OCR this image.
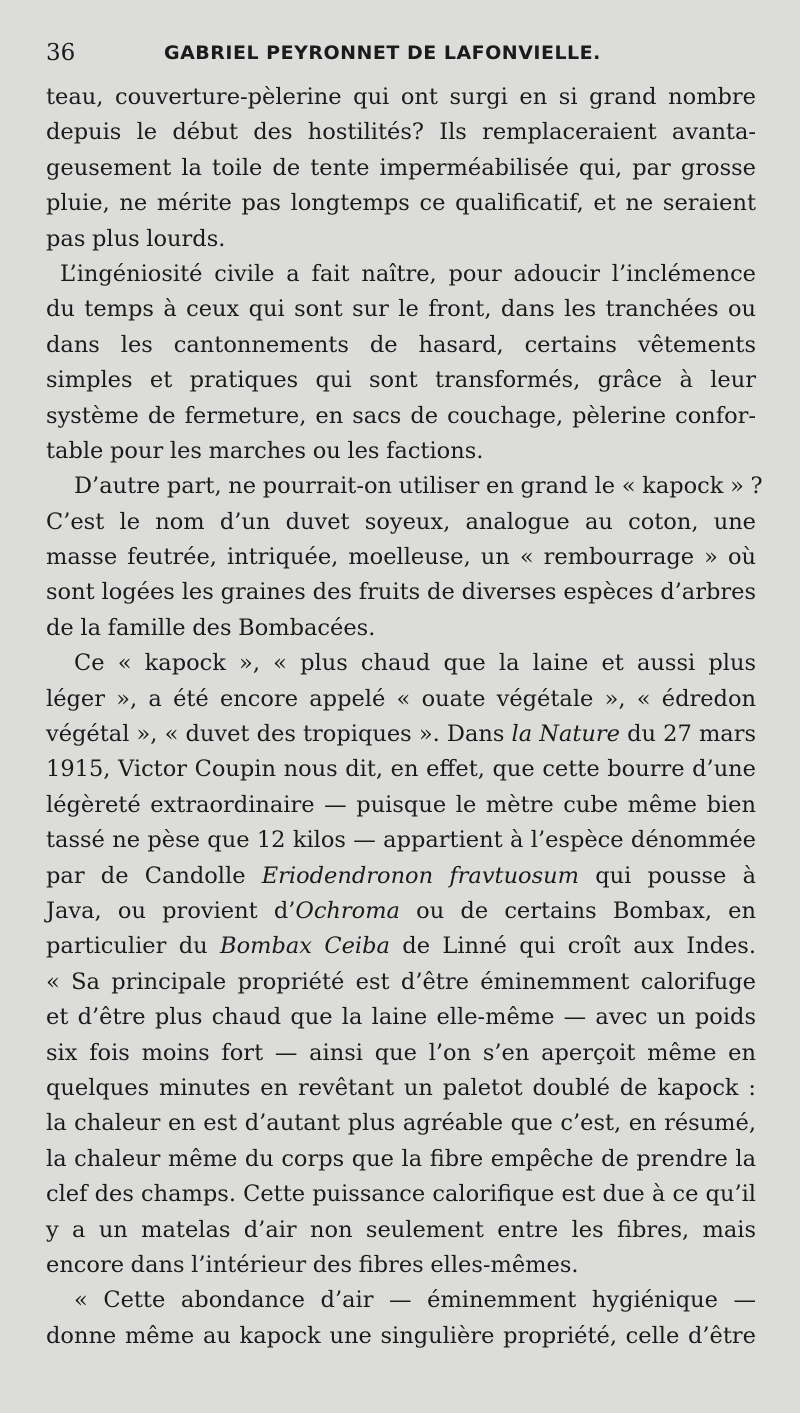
36	GABRIEL PEYRONNET DE LAFONVIELLE.
teau, couverture-pèlerine qui ont surgi en si grand nombre
depuis le début des hostilités? Ils remplaceraient avanta-
geusement la toile de tente imperméabilisée qui, par grosse
pluie, ne mérite pas longtemps ce qualificatif, et ne seraient
pas plus lourds.
L’ingéniosité civile a fait naître, pour adoucir l’inclémence
du temps à ceux qui sont sur le front, dans les tranchées ou
dans les cantonnements de hasard, certains vêtements
simples et pratiques qui sont transformés, grâce à leur
système de fermeture, en sacs de couchage, pèlerine confor-
table pour les marches ou les factions.
D’autre part, ne pourrait-on utiliser en grand le « kapock » ?
C’est le nom d’un duvet soyeux, analogue au coton, une
masse feutrée, intriquée, moelleuse, un « rembourrage » où
sont logées les graines des fruits de diverses espèces d’arbres
de la famille des Bombacées.
Ce « kapock », « plus chaud que la laine et aussi plus
léger », a été encore appelé « ouate végétale », « édredon
végétal », « duvet des tropiques ». Dans la Nature du 27 mars
1915, Victor Coupin nous dit, en effet, que cette bourre d’une
légèreté extraordinaire — puisque le mètre cube même bien
tassé ne pèse que 12 kilos — appartient à l’espèce dénommée
par de Candolle Eriodendronon fravtuosum qui pousse à
Java, ou provient d’Ochroma ou de certains Bombax, en
particulier du Bombax Ceiba de Linné qui croît aux Indes.
« Sa principale propriété est d’être éminemment calorifuge
et d’être plus chaud que la laine elle-même — avec un poids
six fois moins fort — ainsi que l’on s’en aperçoit même en
quelques minutes en revêtant un paletot doublé de kapock :
la chaleur en est d’autant plus agréable que c’est, en résumé,
la chaleur même du corps que la fibre empêche de prendre la
clef des champs. Cette puissance calorifique est due à ce qu’il
y a un matelas d’air non seulement entre les fibres, mais
encore dans l’intérieur des fibres elles-mêmes.
« Cette abondance d’air — éminemment hygiénique —
donne même au kapock une singulière propriété, celle d’être
